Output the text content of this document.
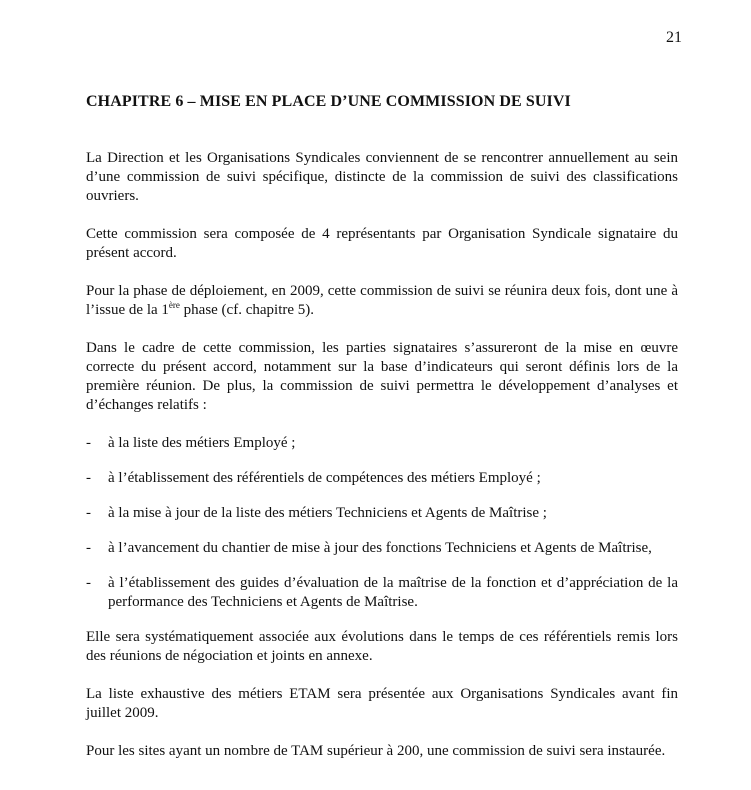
21
CHAPITRE 6 – MISE EN PLACE D’UNE COMMISSION DE SUIVI

La Direction et les Organisations Syndicales conviennent de se rencontrer annuellement au sein d’une commission de suivi spécifique, distincte de la commission de suivi des classifications ouvriers.

Cette commission sera composée de 4 représentants par Organisation Syndicale signataire du présent accord.

Pour la phase de déploiement, en 2009, cette commission de suivi se réunira deux fois, dont une à l’issue de la 1ère phase (cf. chapitre 5).

Dans le cadre de cette commission, les parties signataires s’assureront de la mise en œuvre correcte du présent accord, notamment sur la base d’indicateurs qui seront définis lors de la première réunion. De plus, la commission de suivi permettra le développement d’analyses et d’échanges relatifs :

- à la liste des métiers Employé ;
- à l’établissement des référentiels de compétences des métiers Employé ;
- à la mise à jour de la liste des métiers Techniciens et Agents de Maîtrise ;
- à l’avancement du chantier de mise à jour des fonctions Techniciens et Agents de Maîtrise,
- à l’établissement des guides d’évaluation de la maîtrise de la fonction et d’appréciation de la performance des Techniciens et Agents de Maîtrise.

Elle sera systématiquement associée aux évolutions dans le temps de ces référentiels remis lors des réunions de négociation et joints en annexe.

La liste exhaustive des métiers ETAM sera présentée aux Organisations Syndicales avant fin juillet 2009.

Pour les sites ayant un nombre de TAM supérieur à 200, une commission de suivi sera instaurée.
